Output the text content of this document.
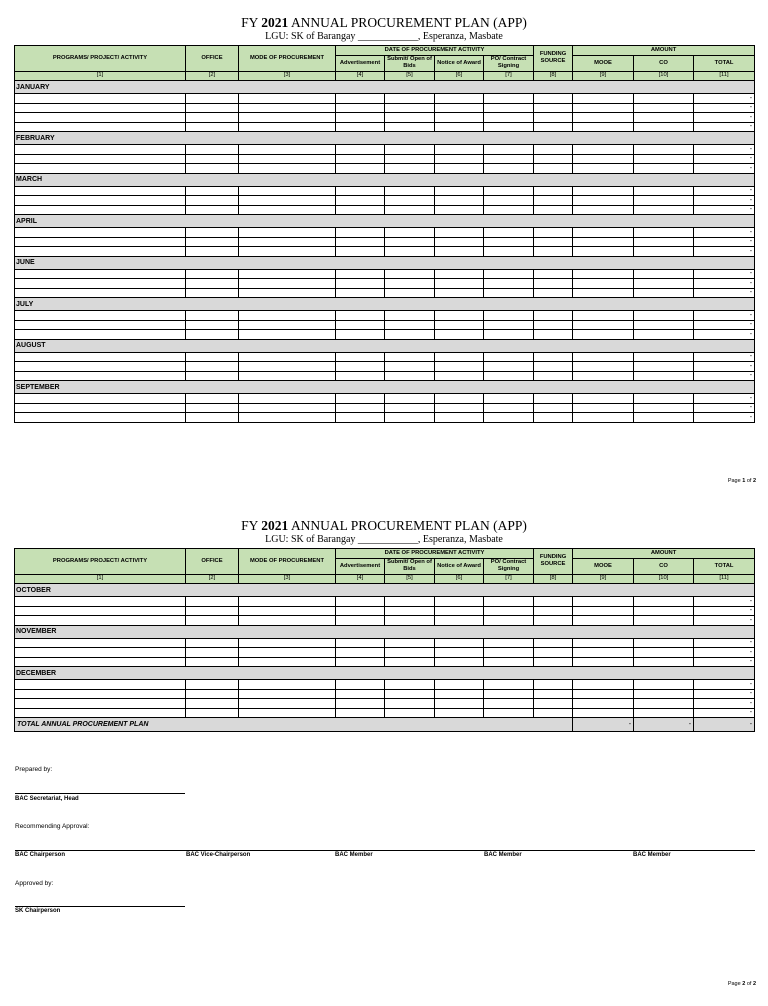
FY 2021 ANNUAL PROCUREMENT PLAN (APP)
LGU: SK of Barangay ____________, Esperanza, Masbate
PROGRAMS/ PROJECT/ ACTIVITY	OFFICE	MODE OF PROCUREMENT	DATE OF PROCUREMENT ACTIVITY				FUNDING SOURCE	AMOUNT		
			Advertisement	Submit/ Open of Bids	Notice of Award	PO/ Contract Signing		MOOE	CO	TOTAL
[1]	[2]	[3]	[4]	[5]	[6]	[7]	[8]	[9]	[10]	[11]
JANUARY										
										-
										-
										-
										-
FEBRUARY										
										-
										-
										-
MARCH										
										-
										-
										-
APRIL										
										-
										-
										-
JUNE										
										-
										-
										-
JULY										
										-
										-
										-
AUGUST										
										-
										-
										-
SEPTEMBER										
										-
										-
										-
Page 1 of 2
FY 2021 ANNUAL PROCUREMENT PLAN (APP)
LGU: SK of Barangay ____________, Esperanza, Masbate
PROGRAMS/ PROJECT/ ACTIVITY	OFFICE	MODE OF PROCUREMENT	DATE OF PROCUREMENT ACTIVITY				FUNDING SOURCE	AMOUNT		
			Advertisement	Submit/ Open of Bids	Notice of Award	PO/ Contract Signing		MOOE	CO	TOTAL
[1]	[2]	[3]	[4]	[5]	[6]	[7]	[8]	[9]	[10]	[11]
OCTOBER										
										-
										-
										-
NOVEMBER										
										-
										-
										-
DECEMBER										
										-
										-
										-
										-
TOTAL ANNUAL PROCUREMENT PLAN								-	-	-
Prepared by:
BAC Secretariat, Head
Recommending Approval:
BAC Chairperson	BAC Vice-Chairperson	BAC Member	BAC Member	BAC Member
Approved by:
SK Chairperson
Page 2 of 2
